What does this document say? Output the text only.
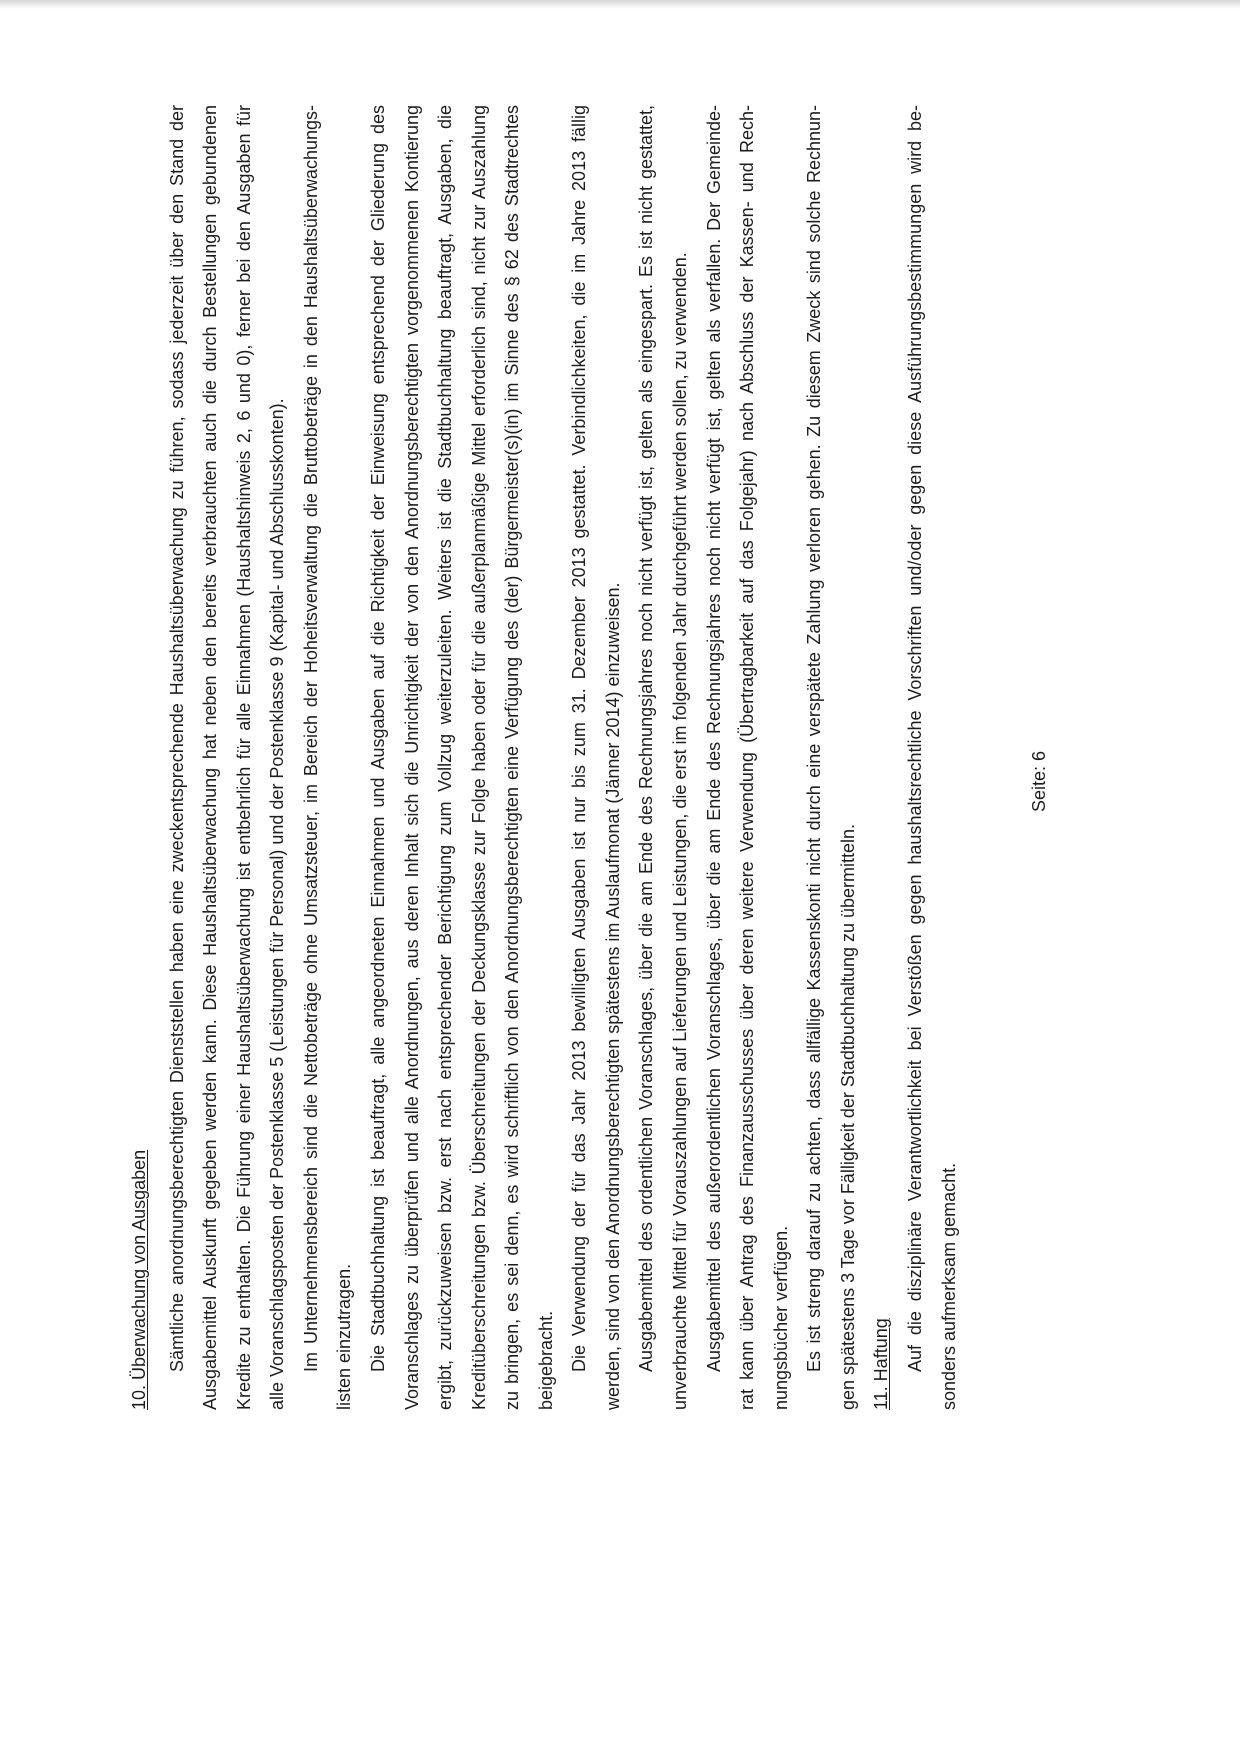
10. Überwachung von Ausgaben Sämtliche anordnungsberechtigten Dienststellen haben eine zweckentsprechende Haushaltsüberwachung zu führen, sodass jederzeit über den Stand der Ausgabemittel Auskunft gegeben werden kann. Diese Haushaltsüberwachung hat neben den bereits verbrauchten auch die durch Bestellungen gebundenen Kredite zu enthalten. Die Führung einer Haushaltsüberwachung ist entbehrlich für alle Einnahmen (Haushaltshinweis 2, 6 und 0), ferner bei den Ausgaben für alle Voranschlagsposten der Postenklasse 5 (Leistungen für Personal) und der Postenklasse 9 (Kapital- und Abschlusskonten). Im Unternehmensbereich sind die Nettobeträge ohne Umsatzsteuer, im Bereich der Hoheitsverwaltung die Bruttobeträge in den Haushaltsüberwachungs- listen einzutragen. Die Stadtbuchhaltung ist beauftragt, alle angeordneten Einnahmen und Ausgaben auf die Richtigkeit der Einweisung entsprechend der Gliederung des Voranschlages zu überprüfen und alle Anordnungen, aus deren Inhalt sich die Unrichtigkeit der von den Anordnungsberechtigten vorgenommenen Kontierung ergibt, zurückzuweisen bzw. erst nach entsprechender Berichtigung zum Vollzug weiterzuleiten. Weiters ist die Stadtbuchhaltung beauftragt, Ausgaben, die Kreditüberschreitungen bzw. Überschreitungen der Deckungsklasse zur Folge haben oder für die außerplanmäßige Mittel erforderlich sind, nicht zur Auszahlung zu bringen, es sei denn, es wird schriftlich von den Anordnungsberechtigten eine Verfügung des (der) Bürgermeister(s)(in) im Sinne des § 62 des Stadtrechtes beigebracht. Die Verwendung der für das Jahr 2013 bewilligten Ausgaben ist nur bis zum 31. Dezember 2013 gestattet. Verbindlichkeiten, die im Jahre 2013 fällig werden, sind von den Anordnungsberechtigten spätestens im Auslaufmonat (Jänner 2014) einzuweisen. Ausgabemittel des ordentlichen Voranschlages, über die am Ende des Rechnungsjahres noch nicht verfügt ist, gelten als eingespart. Es ist nicht gestattet, unverbrauchte Mittel für Vorauszahlungen auf Lieferungen und Leistungen, die erst im folgenden Jahr durchgeführt werden sollen, zu verwenden. Ausgabemittel des außerordentlichen Voranschlages, über die am Ende des Rechnungsjahres noch nicht verfügt ist, gelten als verfallen. Der Gemeinde- rat kann über Antrag des Finanzausschusses über deren weitere Verwendung (Übertragbarkeit auf das Folgejahr) nach Abschluss der Kassen- und Rech- nungsbücher verfügen. Es ist streng darauf zu achten, dass allfällige Kassenskonti nicht durch eine verspätete Zahlung verloren gehen. Zu diesem Zweck sind solche Rechnun- gen spätestens 3 Tage vor Fälligkeit der Stadtbuchhaltung zu übermitteln. 11. Haftung Auf die disziplinäre Verantwortlichkeit bei Verstößen gegen haushaltsrechtliche Vorschriften und/oder gegen diese Ausführungsbestimmungen wird be- sonders aufmerksam gemacht.
Seite: 6
